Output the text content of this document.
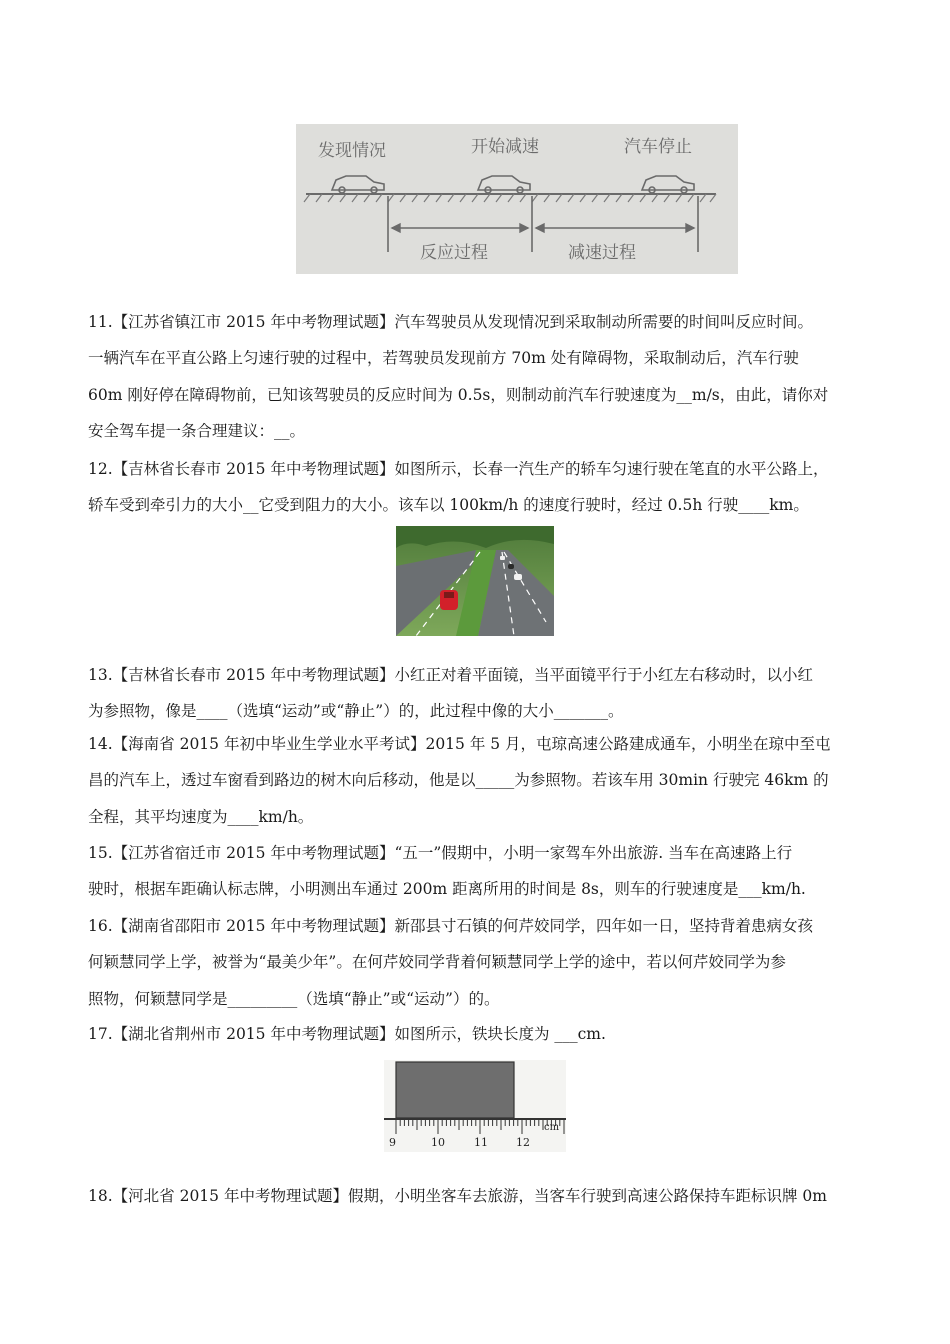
发现情况	开始减速	汽车停止
反应过程	减速过程
11.【江苏省镇江市 2015 年中考物理试题】汽车驾驶员从发现情况到采取制动所需要的时间叫反应时间。
一辆汽车在平直公路上匀速行驶的过程中，若驾驶员发现前方 70m 处有障碍物，采取制动后，汽车行驶
60m 刚好停在障碍物前，已知该驾驶员的反应时间为 0.5s，则制动前汽车行驶速度为__m/s，由此，请你对
安全驾车提一条合理建议：__。
12.【吉林省长春市 2015 年中考物理试题】如图所示，长春一汽生产的轿车匀速行驶在笔直的水平公路上，
轿车受到牵引力的大小__它受到阻力的大小。该车以 100km/h 的速度行驶时，经过 0.5h 行驶____km。
13.【吉林省长春市 2015 年中考物理试题】小红正对着平面镜，当平面镜平行于小红左右移动时，以小红
为参照物，像是____（选填“运动”或“静止”）的，此过程中像的大小_______。
14.【海南省 2015 年初中毕业生学业水平考试】2015 年 5 月，屯琼高速公路建成通车，小明坐在琼中至屯
昌的汽车上，透过车窗看到路边的树木向后移动，他是以_____为参照物。若该车用 30min 行驶完 46km 的
全程，其平均速度为____km/h。
15.【江苏省宿迁市 2015 年中考物理试题】“五一”假期中，小明一家驾车外出旅游. 当车在高速路上行
驶时，根据车距确认标志牌，小明测出车通过 200m 距离所用的时间是 8s，则车的行驶速度是___km/h.
16.【湖南省邵阳市 2015 年中考物理试题】新邵县寸石镇的何芹姣同学，四年如一日，坚持背着患病女孩
何颖慧同学上学，被誉为“最美少年”。在何芹姣同学背着何颖慧同学上学的途中，若以何芹姣同学为参
照物，何颖慧同学是_________（选填“静止”或“运动”）的。
17.【湖北省荆州市 2015 年中考物理试题】如图所示，铁块长度为 ___cm.
9	10	11	12
cm
18.【河北省 2015 年中考物理试题】假期，小明坐客车去旅游，当客车行驶到高速公路保持车距标识牌 0m
